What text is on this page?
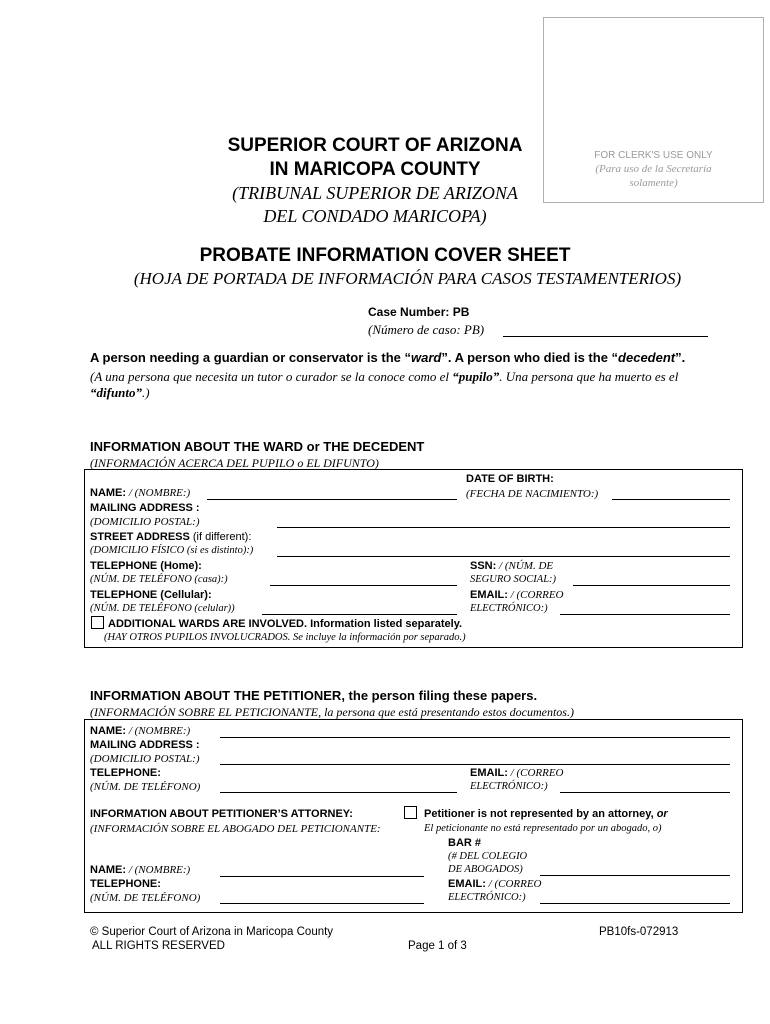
FOR CLERK'S USE ONLY
(Para uso de la Secretaría
solamente)
SUPERIOR COURT OF ARIZONA
IN MARICOPA COUNTY
(TRIBUNAL SUPERIOR DE ARIZONA
DEL CONDADO MARICOPA)
PROBATE INFORMATION COVER SHEET
(HOJA DE PORTADA DE INFORMACIÓN PARA CASOS TESTAMENTERIOS)
Case Number: PB
(Número de caso: PB)
A person needing a guardian or conservator is the “ward”. A person who died is the “decedent”.
(A una persona que necesita un tutor o curador se la conoce como el “pupilo”. Una persona que ha muerto es el
“difunto”.)
INFORMATION ABOUT THE WARD or THE DECEDENT
(INFORMACIÓN ACERCA DEL PUPILO o EL DIFUNTO)
DATE OF BIRTH:
NAME: / (NOMBRE:)	(FECHA DE NACIMIENTO:)
MAILING ADDRESS :
(DOMICILIO POSTAL:)
STREET ADDRESS (if different):
(DOMICILIO FÍSICO (si es distinto):)
TELEPHONE (Home):
(NÚM. DE TELÉFONO (casa):)
SSN: / (NÚM. DE
SEGURO SOCIAL:)
TELEPHONE (Cellular):
(NÚM. DE TELÉFONO (celular))
EMAIL: / (CORREO
ELECTRÓNICO:)
ADDITIONAL WARDS ARE INVOLVED. Information listed separately.
(HAY OTROS PUPILOS INVOLUCRADOS. Se incluye la información por separado.)
INFORMATION ABOUT THE PETITIONER, the person filing these papers.
(INFORMACIÓN SOBRE EL PETICIONANTE, la persona que está presentando estos documentos.)
NAME: / (NOMBRE:)
MAILING ADDRESS :
(DOMICILIO POSTAL:)
TELEPHONE:
(NÚM. DE TELÉFONO)
EMAIL: / (CORREO
ELECTRÓNICO:)
INFORMATION ABOUT PETITIONER’S ATTORNEY:
(INFORMACIÓN SOBRE EL ABOGADO DEL PETICIONANTE:
Petitioner is not represented by an attorney, or
El peticionante no está representado por un abogado, o)
BAR #
(# DEL COLEGIO
DE ABOGADOS)
NAME: / (NOMBRE:)
TELEPHONE:
(NÚM. DE TELÉFONO)
EMAIL: / (CORREO
ELECTRÓNICO:)
© Superior Court of Arizona in Maricopa County
ALL RIGHTS RESERVED	Page 1 of 3
PB10fs-072913
